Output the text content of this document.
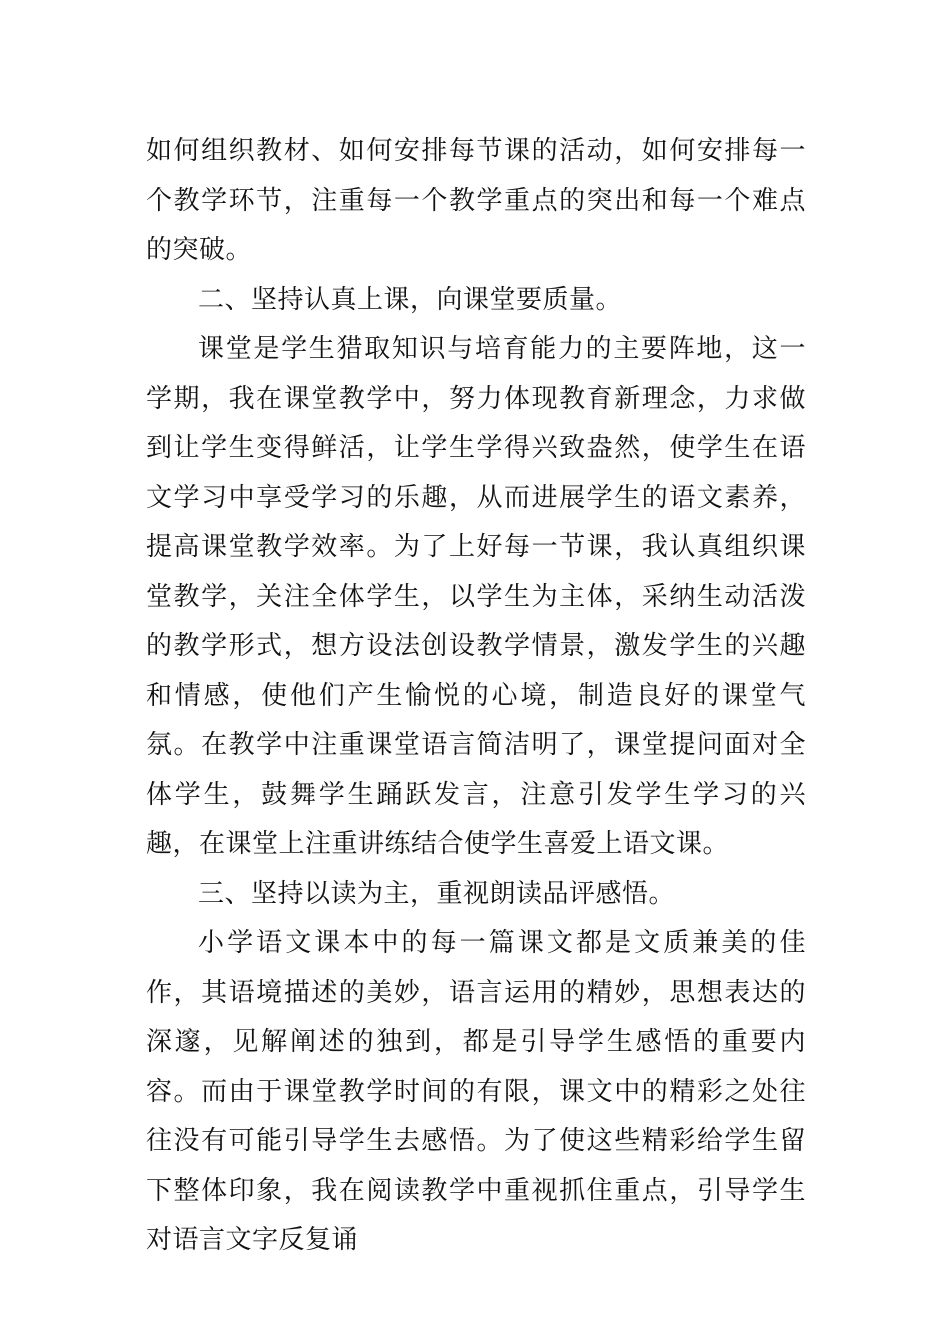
如何组织教材、如何安排每节课的活动，如何安排每一个教学环节，注重每一个教学重点的突出和每一个难点的突破。

二、坚持认真上课，向课堂要质量。

课堂是学生猎取知识与培育能力的主要阵地，这一学期，我在课堂教学中，努力体现教育新理念，力求做到让学生变得鲜活，让学生学得兴致盎然，使学生在语文学习中享受学习的乐趣，从而进展学生的语文素养，提高课堂教学效率。为了上好每一节课，我认真组织课堂教学，关注全体学生，以学生为主体，采纳生动活泼的教学形式，想方设法创设教学情景，激发学生的兴趣和情感，使他们产生愉悦的心境，制造良好的课堂气氛。在教学中注重课堂语言简洁明了，课堂提问面对全体学生，鼓舞学生踊跃发言，注意引发学生学习的兴趣，在课堂上注重讲练结合使学生喜爱上语文课。

三、坚持以读为主，重视朗读品评感悟。

小学语文课本中的每一篇课文都是文质兼美的佳作，其语境描述的美妙，语言运用的精妙，思想表达的深邃，见解阐述的独到，都是引导学生感悟的重要内容。而由于课堂教学时间的有限，课文中的精彩之处往往没有可能引导学生去感悟。为了使这些精彩给学生留下整体印象，我在阅读教学中重视抓住重点，引导学生对语言文字反复诵
